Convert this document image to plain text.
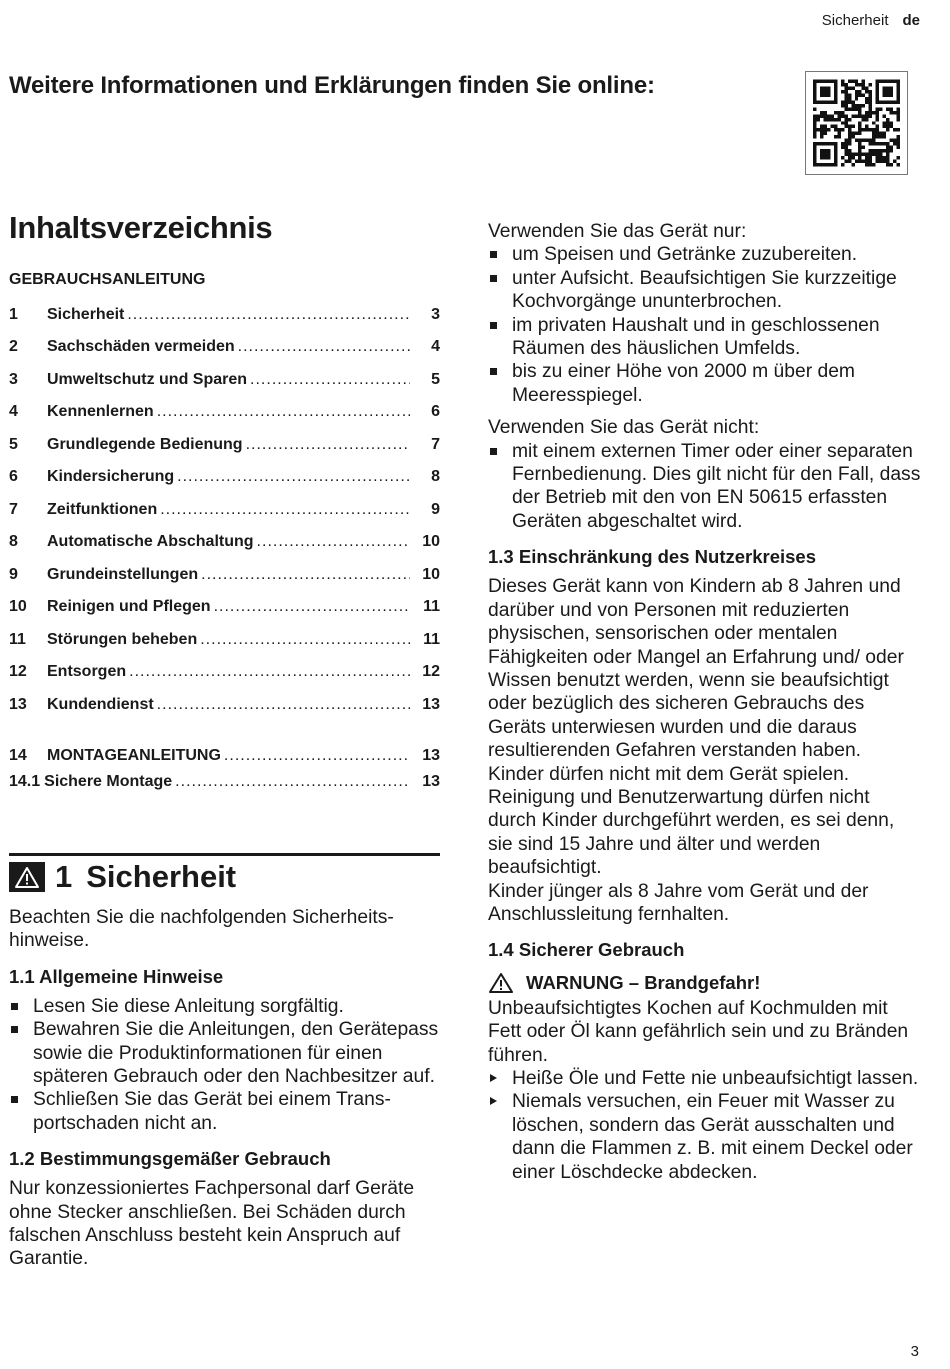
Sicherheit de
Weitere Informationen und Erklärungen finden Sie online:
Inhaltsverzeichnis
GEBRAUCHSANLEITUNG
1	Sicherheit .....	3
2	Sachschäden vermeiden .....	4
3	Umweltschutz und Sparen .....	5
4	Kennenlernen .....	6
5	Grundlegende Bedienung .....	7
6	Kindersicherung .....	8
7	Zeitfunktionen .....	9
8	Automatische Abschaltung .....	10
9	Grundeinstellungen .....	10
10	Reinigen und Pflegen .....	11
11	Störungen beheben .....	11
12	Entsorgen .....	12
13	Kundendienst .....	13
14	MONTAGEANLEITUNG .....	13
14.1 Sichere Montage .....	13
1 Sicherheit

Beachten Sie die nachfolgenden Sicherheitshinweise.

1.1 Allgemeine Hinweise
Lesen Sie diese Anleitung sorgfältig.
Bewahren Sie die Anleitungen, den Gerätepass sowie die Produktinformationen für einen späteren Gebrauch oder den Nachbesitzer auf.
Schließen Sie das Gerät bei einem Transportschaden nicht an.
1.2 Bestimmungsgemäßer Gebrauch

Nur konzessioniertes Fachpersonal darf Geräte ohne Stecker anschließen. Bei Schäden durch falschen Anschluss besteht kein Anspruch auf Garantie.

Verwenden Sie das Gerät nur:

um Speisen und Getränke zuzubereiten.
unter Aufsicht. Beaufsichtigen Sie kurzzeitige Kochvorgänge ununterbrochen.
im privaten Haushalt und in geschlossenen Räumen des häuslichen Umfelds.
bis zu einer Höhe von 2000 m über dem Meeresspiegel.

Verwenden Sie das Gerät nicht:

mit einem externen Timer oder einer separaten Fernbedienung. Dies gilt nicht für den Fall, dass der Betrieb mit den von EN 50615 erfassten Geräten abgeschaltet wird.
1.3 Einschränkung des Nutzerkreises

Dieses Gerät kann von Kindern ab 8 Jahren und darüber und von Personen mit reduzierten physischen, sensorischen oder mentalen Fähigkeiten oder Mangel an Erfahrung und/ oder Wissen benutzt werden, wenn sie beaufsichtigt oder bezüglich des sicheren Gebrauchs des Geräts unterwiesen wurden und die daraus resultierenden Gefahren verstanden haben.

Kinder dürfen nicht mit dem Gerät spielen.

Reinigung und Benutzerwartung dürfen nicht durch Kinder durchgeführt werden, es sei denn, sie sind 15 Jahre und älter und werden beaufsichtigt.

Kinder jünger als 8 Jahre vom Gerät und der Anschlussleitung fernhalten.

1.4 Sicherer Gebrauch
WARNUNG – Brandgefahr!

Unbeaufsichtigtes Kochen auf Kochmulden mit Fett oder Öl kann gefährlich sein und zu Bränden führen.

Heiße Öle und Fette nie unbeaufsichtigt lassen.
Niemals versuchen, ein Feuer mit Wasser zu löschen, sondern das Gerät ausschalten und dann die Flammen z. B. mit einem Deckel oder einer Löschdecke abdecken.
3
